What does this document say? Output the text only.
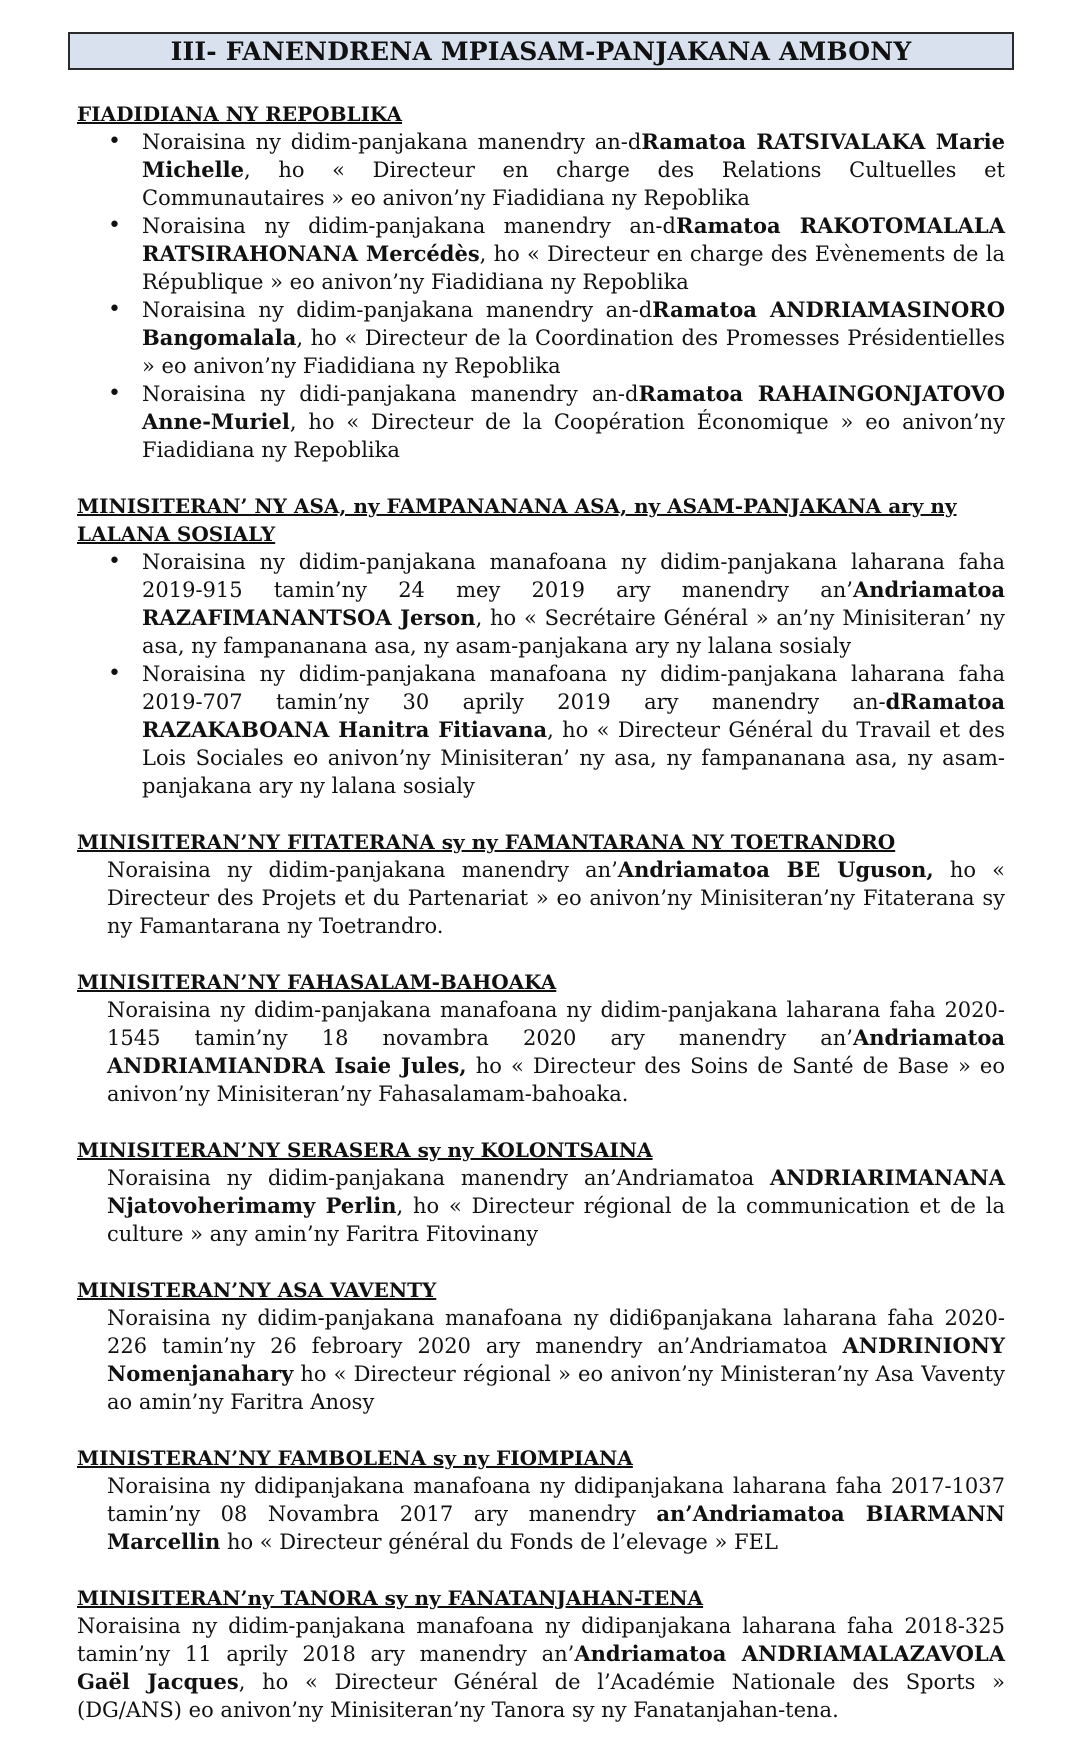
III- FANENDRENA MPIASAM-PANJAKANA AMBONY

FIADIDIANA NY REPOBLIKA

• Noraisina ny didim-panjakana manendry an-dRamatoa RATSIVALAKA Marie Michelle, ho « Directeur en charge des Relations Cultuelles et Communautaires » eo anivon’ny Fiadidiana ny Repoblika
• Noraisina ny didim-panjakana manendry an-dRamatoa RAKOTOMALALA RATSIRAHONANA Mercédès, ho « Directeur en charge des Evènements de la République » eo anivon’ny Fiadidiana ny Repoblika
• Noraisina ny didim-panjakana manendry an-dRamatoa ANDRIAMASINORO Bangomalala, ho « Directeur de la Coordination des Promesses Présidentielles » eo anivon’ny Fiadidiana ny Repoblika
• Noraisina ny didi-panjakana manendry an-dRamatoa RAHAINGONJATOVO Anne-Muriel, ho « Directeur de la Coopération Économique » eo anivon’ny Fiadidiana ny Repoblika

MINISITERAN’ NY ASA, ny FAMPANANANA ASA, ny ASAM-PANJAKANA ary ny LALANA SOSIALY

• Noraisina ny didim-panjakana manafoana ny didim-panjakana laharana faha 2019-915 tamin’ny 24 mey 2019 ary manendry an’Andriamatoa RAZAFIMANANTSOA Jerson, ho « Secrétaire Général » an’ny Minisiteran’ ny asa, ny fampananana asa, ny asam-panjakana ary ny lalana sosialy
• Noraisina ny didim-panjakana manafoana ny didim-panjakana laharana faha 2019-707 tamin’ny 30 aprily 2019 ary manendry an-dRamatoa RAZAKABOANA Hanitra Fitiavana, ho « Directeur Général du Travail et des Lois Sociales eo anivon’ny Minisiteran’ ny asa, ny fampananana asa, ny asam-panjakana ary ny lalana sosialy

MINISITERAN’NY FITATERANA sy ny FAMANTARANA NY TOETRANDRO

Noraisina ny didim-panjakana manendry an’Andriamatoa BE Uguson, ho « Directeur des Projets et du Partenariat » eo anivon’ny Minisiteran’ny Fitaterana sy ny Famantarana ny Toetrandro.

MINISITERAN’NY FAHASALAM-BAHOAKA

Noraisina ny didim-panjakana manafoana ny didim-panjakana laharana faha 2020-1545 tamin’ny 18 novambra 2020 ary manendry an’Andriamatoa ANDRIAMIANDRA Isaie Jules, ho « Directeur des Soins de Santé de Base » eo anivon’ny Minisiteran’ny Fahasalamam-bahoaka.

MINISITERAN’NY SERASERA sy ny KOLONTSAINA

Noraisina ny didim-panjakana manendry an’Andriamatoa ANDRIARIMANANA Njatovoherimamy Perlin, ho « Directeur régional de la communication et de la culture » any amin’ny Faritra Fitovinany

MINISTERAN’NY ASA VAVENTY

Noraisina ny didim-panjakana manafoana ny didi6panjakana laharana faha 2020-226 tamin’ny 26 febroary 2020 ary manendry an’Andriamatoa ANDRINIONY Nomenjanahary ho « Directeur régional » eo anivon’ny Ministeran’ny Asa Vaventy ao amin’ny Faritra Anosy

MINISTERAN’NY FAMBOLENA sy ny FIOMPIANA

Noraisina ny didipanjakana manafoana ny didipanjakana laharana faha 2017-1037 tamin’ny 08 Novambra 2017 ary manendry an’Andriamatoa BIARMANN Marcellin ho « Directeur général du Fonds de l’elevage » FEL

MINISITERAN’ny TANORA sy ny FANATANJAHAN-TENA

Noraisina ny didim-panjakana manafoana ny didipanjakana laharana faha 2018-325 tamin’ny 11 aprily 2018 ary manendry an’Andriamatoa ANDRIAMALAZAVOLA Gaël Jacques, ho « Directeur Général de l’Académie Nationale des Sports » (DG/ANS) eo anivon’ny Minisiteran’ny Tanora sy ny Fanatanjahan-tena.
